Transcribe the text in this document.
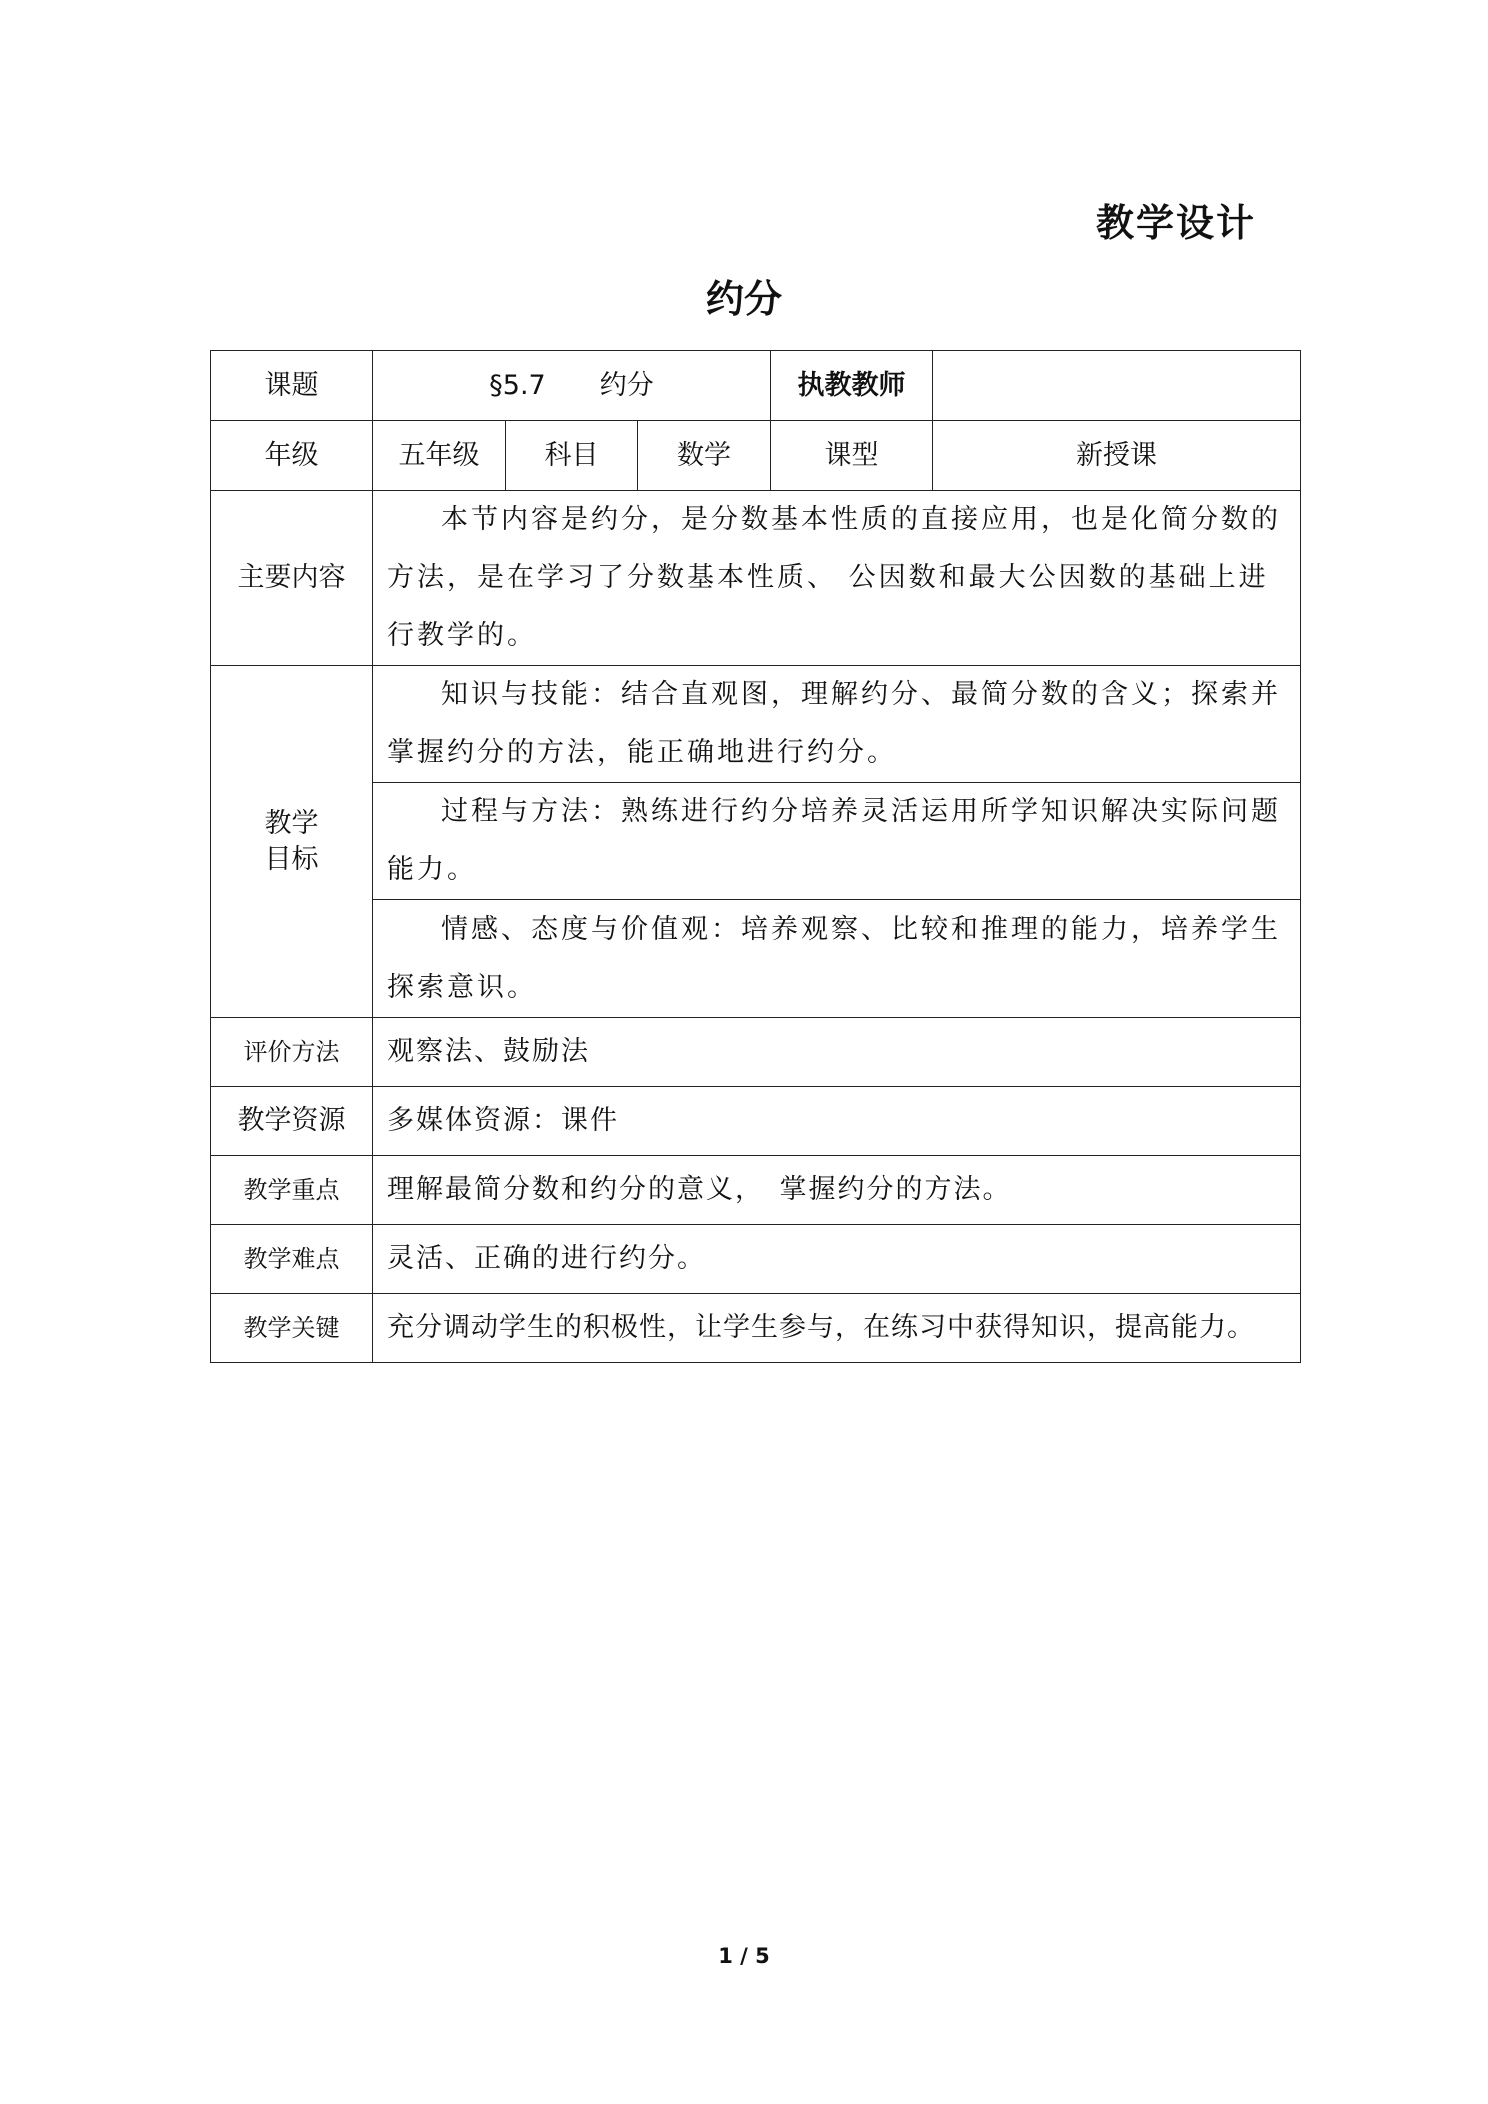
教学设计
约分
课题	§5.7　　约分			执教教师	
年级	五年级	科目	数学	课型	新授课
主要内容	本节内容是约分，是分数基本性质的直接应用，也是化简分数的方法，是在学习了分数基本性质、 公因数和最大公因数的基础上进行教学的。				

教学
目标	知识与技能：结合直观图，理解约分、最简分数的含义；探索并掌握约分的方法，能正确地进行约分。				
	过程与方法：熟练进行约分培养灵活运用所学知识解决实际问题能力。				
	情感、态度与价值观：培养观察、比较和推理的能力，培养学生探索意识。				
评价方法	观察法、鼓励法				
教学资源	多媒体资源：课件				
教学重点	理解最简分数和约分的意义，　掌握约分的方法。				
教学难点	灵活、正确的进行约分。				
教学关键	充分调动学生的积极性，让学生参与，在练习中获得知识，提高能力。				
1 / 5
